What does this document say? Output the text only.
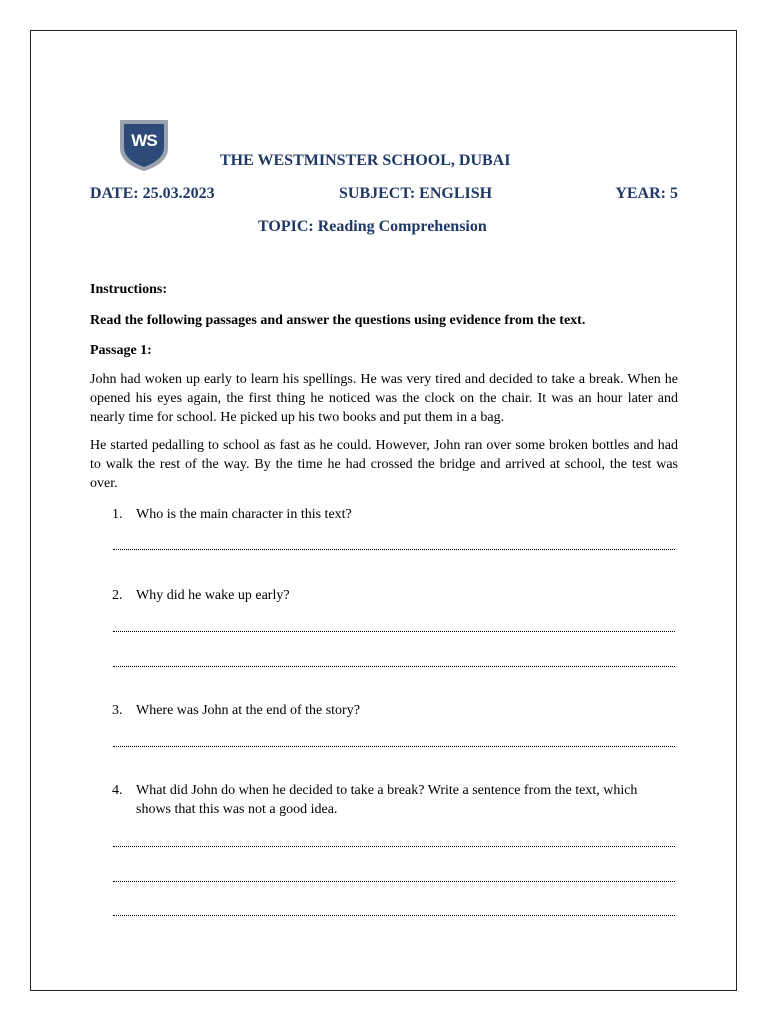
WS
THE WESTMINSTER SCHOOL, DUBAI
DATE: 25.03.2023	SUBJECT: ENGLISH	YEAR: 5
TOPIC: Reading Comprehension
Instructions:
Read the following passages and answer the questions using evidence from the text.
Passage 1:

John had woken up early to learn his spellings. He was very tired and decided to take a break. When he opened his eyes again, the first thing he noticed was the clock on the chair. It was an hour later and nearly time for school. He picked up his two books and put them in a bag.

He started pedalling to school as fast as he could. However, John ran over some broken bottles and had to walk the rest of the way. By the time he had crossed the bridge and arrived at school, the test was over.

1. Who is the main character in this text?
2. Why did he wake up early?
3. Where was John at the end of the story?
4. What did John do when he decided to take a break? Write a sentence from the text, which shows that this was not a good idea.
